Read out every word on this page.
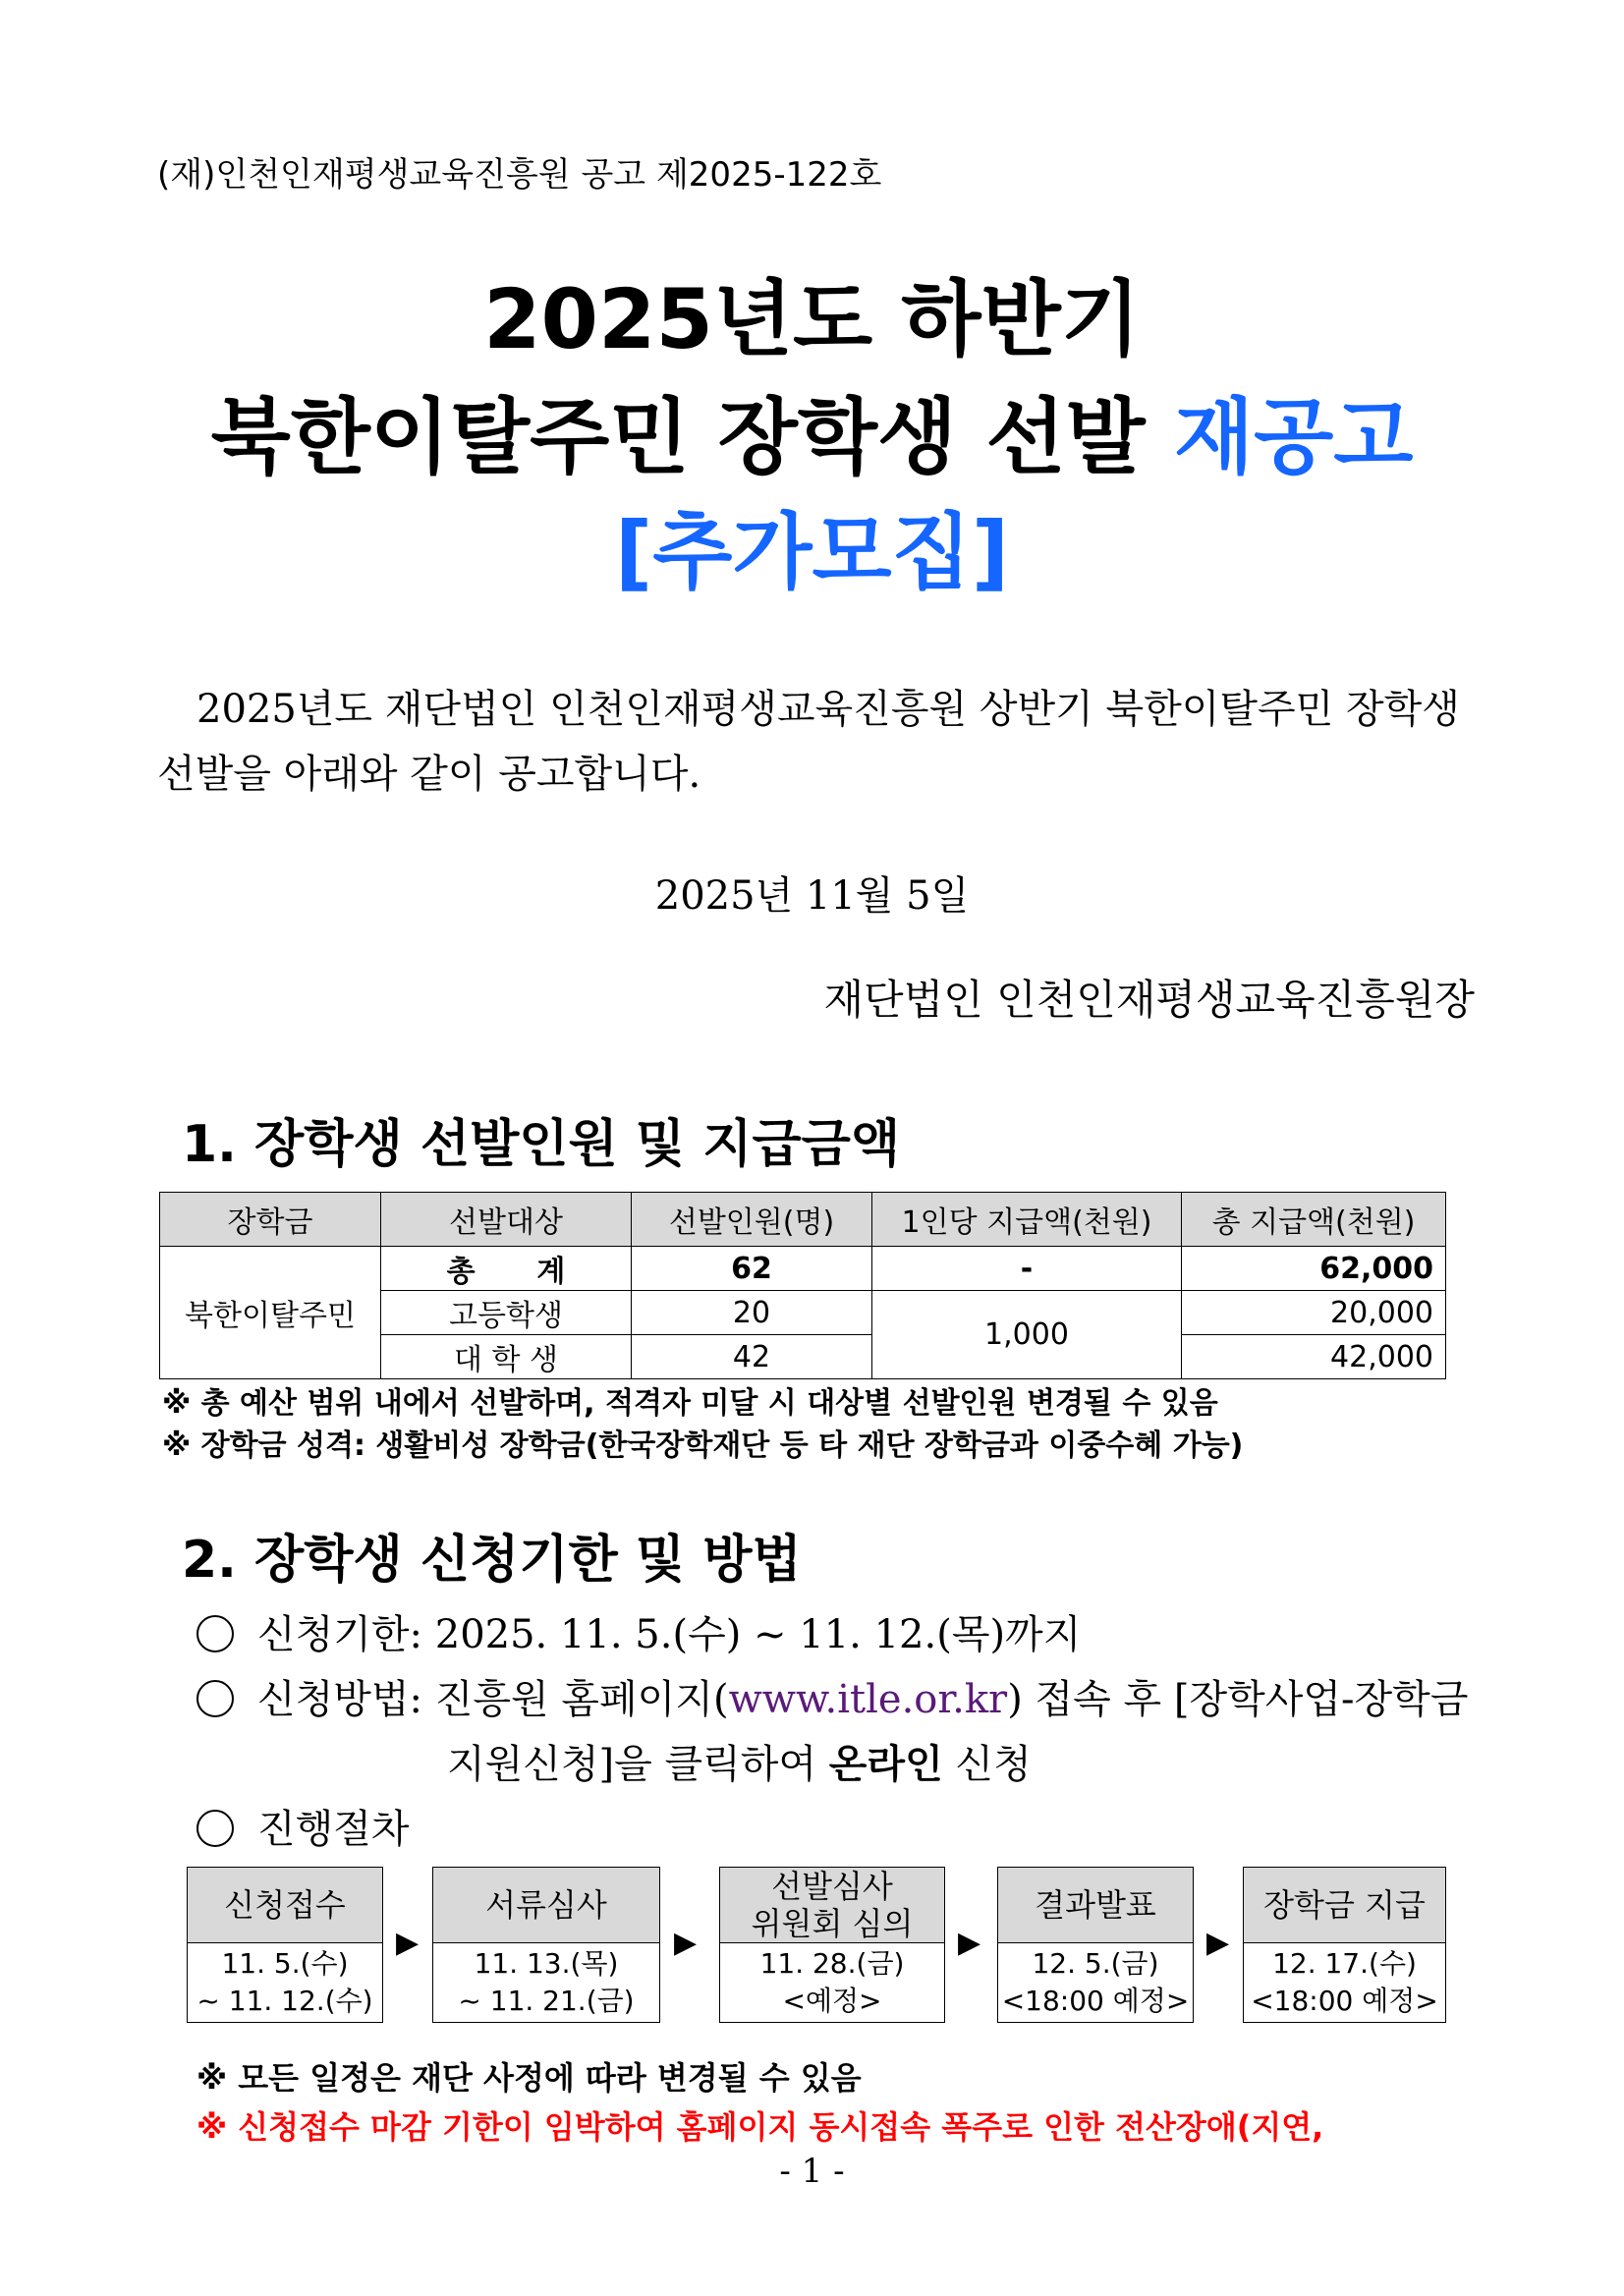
(재)인천인재평생교육진흥원 공고 제2025-122호
2025년도 하반기
북한이탈주민 장학생 선발 재공고
[추가모집]
2025년도 재단법인 인천인재평생교육진흥원 상반기 북한이탈주민 장학생
선발을 아래와 같이 공고합니다.
2025년 11월 5일
재단법인 인천인재평생교육진흥원장
1. 장학생 선발인원 및 지급금액
장학금	선발대상	선발인원(명)	1인당 지급액(천원)	총 지급액(천원)
북한이탈주민	총      계	62	-	62,000
	고등학생	20	1,000	20,000
	대 학 생	42		42,000
※ 총 예산 범위 내에서 선발하며, 적격자 미달 시 대상별 선발인원 변경될 수 있음
※ 장학금 성격: 생활비성 장학금(한국장학재단 등 타 재단 장학금과 이중수혜 가능)
2. 장학생 신청기한 및 방법
신청기한: 2025. 11. 5.(수) ~ 11. 12.(목)까지
신청방법: 진흥원 홈페이지(www.itle.or.kr) 접속 후 [장학사업-장학금
지원신청]을 클릭하여 온라인 신청
진행절차
신청접수
11. 5.(수)
~ 11. 12.(수)
▶
서류심사
11. 13.(목)
~ 11. 21.(금)
▶
선발심사
위원회 심의
11. 28.(금)
<예정>
▶
결과발표
12. 5.(금)
<18:00 예정>
▶
장학금 지급
12. 17.(수)
<18:00 예정>
※ 모든 일정은 재단 사정에 따라 변경될 수 있음
※ 신청접수 마감 기한이 임박하여 홈페이지 동시접속 폭주로 인한 전산장애(지연,
- 1 -
